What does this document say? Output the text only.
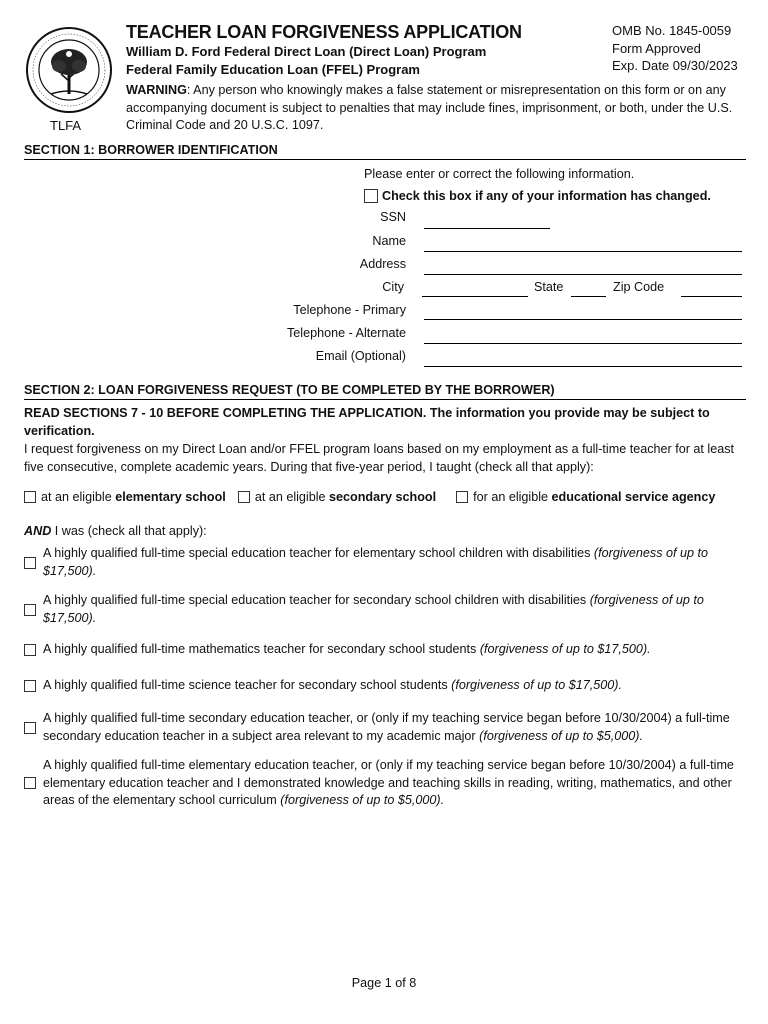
TLFA
TEACHER LOAN FORGIVENESS APPLICATION
William D. Ford Federal Direct Loan (Direct Loan) Program
Federal Family Education Loan (FFEL) Program
WARNING: Any person who knowingly makes a false statement or misrepresentation on this form or on any accompanying document is subject to penalties that may include fines, imprisonment, or both, under the U.S. Criminal Code and 20 U.S.C. 1097.
OMB No. 1845-0059
Form Approved
Exp. Date 09/30/2023
SECTION 1: BORROWER IDENTIFICATION
Please enter or correct the following information.
Check this box if any of your information has changed.
SSN
Name
Address
City	State	Zip Code
Telephone - Primary
Telephone - Alternate
Email (Optional)
SECTION 2: LOAN FORGIVENESS REQUEST (TO BE COMPLETED BY THE BORROWER)
READ SECTIONS 7 - 10 BEFORE COMPLETING THE APPLICATION. The information you provide may be subject to verification.
I request forgiveness on my Direct Loan and/or FFEL program loans based on my employment as a full-time teacher for at least five consecutive, complete academic years. During that five-year period, I taught (check all that apply):
at an eligible elementary school at an eligible secondary school	for an eligible educational service agency
AND I was (check all that apply):
A highly qualified full-time special education teacher for elementary school children with disabilities (forgiveness of up to $17,500).
A highly qualified full-time special education teacher for secondary school children with disabilities (forgiveness of up to $17,500).
A highly qualified full-time mathematics teacher for secondary school students (forgiveness of up to $17,500).
A highly qualified full-time science teacher for secondary school students (forgiveness of up to $17,500).
A highly qualified full-time secondary education teacher, or (only if my teaching service began before 10/30/2004) a full-time secondary education teacher in a subject area relevant to my academic major (forgiveness of up to $5,000).
A highly qualified full-time elementary education teacher, or (only if my teaching service began before 10/30/2004) a full-time elementary education teacher and I demonstrated knowledge and teaching skills in reading, writing, mathematics, and other areas of the elementary school curriculum (forgiveness of up to $5,000).
Page 1 of 8
